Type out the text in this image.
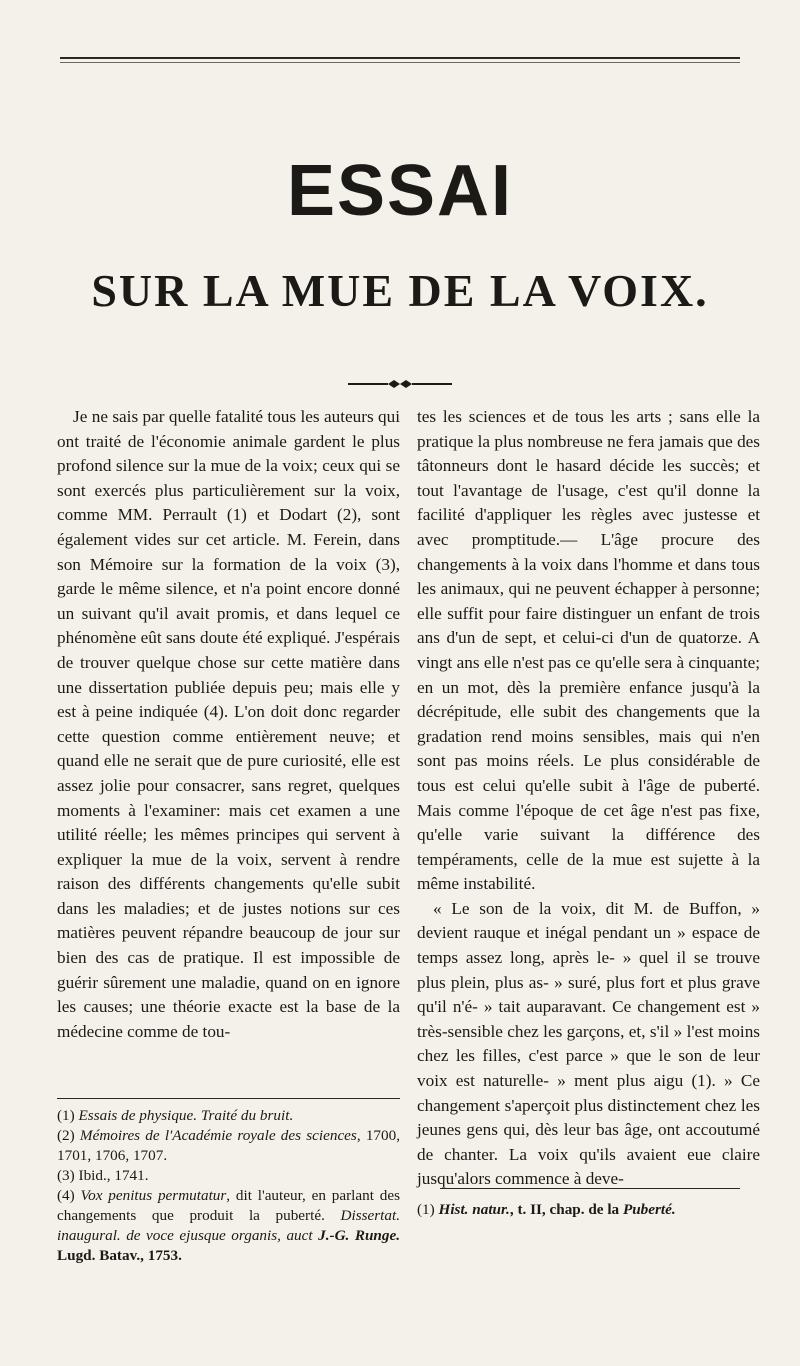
ESSAI
SUR LA MUE DE LA VOIX.

Je ne sais par quelle fatalité tous les auteurs qui ont traité de l'économie animale gardent le plus profond silence sur la mue de la voix; ceux qui se sont exercés plus particulièrement sur la voix, comme MM. Perrault (1) et Dodart (2), sont également vides sur cet article. M. Ferein, dans son Mémoire sur la formation de la voix (3), garde le même silence, et n'a point encore donné un suivant qu'il avait promis, et dans lequel ce phénomène eût sans doute été expliqué. J'espérais de trouver quelque chose sur cette matière dans une dissertation publiée depuis peu; mais elle y est à peine indiquée (4). L'on doit donc regarder cette question comme entièrement neuve; et quand elle ne serait que de pure curiosité, elle est assez jolie pour consacrer, sans regret, quelques moments à l'examiner: mais cet examen a une utilité réelle; les mêmes principes qui servent à expliquer la mue de la voix, servent à rendre raison des différents changements qu'elle subit dans les maladies; et de justes notions sur ces matières peuvent répandre beaucoup de jour sur bien des cas de pratique. Il est impossible de guérir sûrement une maladie, quand on en ignore les causes; une théorie exacte est la base de la médecine comme de tou-

tes les sciences et de tous les arts ; sans elle la pratique la plus nombreuse ne fera jamais que des tâtonneurs dont le hasard décide les succès; et tout l'avantage de l'usage, c'est qu'il donne la facilité d'appliquer les règles avec justesse et avec promptitude.— L'âge procure des changements à la voix dans l'homme et dans tous les animaux, qui ne peuvent échapper à personne; elle suffit pour faire distinguer un enfant de trois ans d'un de sept, et celui-ci d'un de quatorze. A vingt ans elle n'est pas ce qu'elle sera à cinquante; en un mot, dès la première enfance jusqu'à la décrépitude, elle subit des changements que la gradation rend moins sensibles, mais qui n'en sont pas moins réels. Le plus considérable de tous est celui qu'elle subit à l'âge de puberté. Mais comme l'époque de cet âge n'est pas fixe, qu'elle varie suivant la différence des tempéraments, celle de la mue est sujette à la même instabilité.

« Le son de la voix, dit M. de Buffon, » devient rauque et inégal pendant un » espace de temps assez long, après le- » quel il se trouve plus plein, plus as- » suré, plus fort et plus grave qu'il n'é- » tait auparavant. Ce changement est » très-sensible chez les garçons, et, s'il » l'est moins chez les filles, c'est parce » que le son de leur voix est naturelle- » ment plus aigu (1). » Ce changement s'aperçoit plus distinctement chez les jeunes gens qui, dès leur bas âge, ont accoutumé de chanter. La voix qu'ils avaient eue claire jusqu'alors commence à deve-

(1) Essais de physique. Traité du bruit.

(2) Mémoires de l'Académie royale des sciences, 1700, 1701, 1706, 1707.

(3) Ibid., 1741.

(4) Vox penitus permutatur, dit l'auteur, en parlant des changements que produit la puberté. Dissertat. inaugural. de voce ejusque organis, auct J.-G. Runge. Lugd. Batav., 1753.

(1) Hist. natur., t. II, chap. de la Puberté.
